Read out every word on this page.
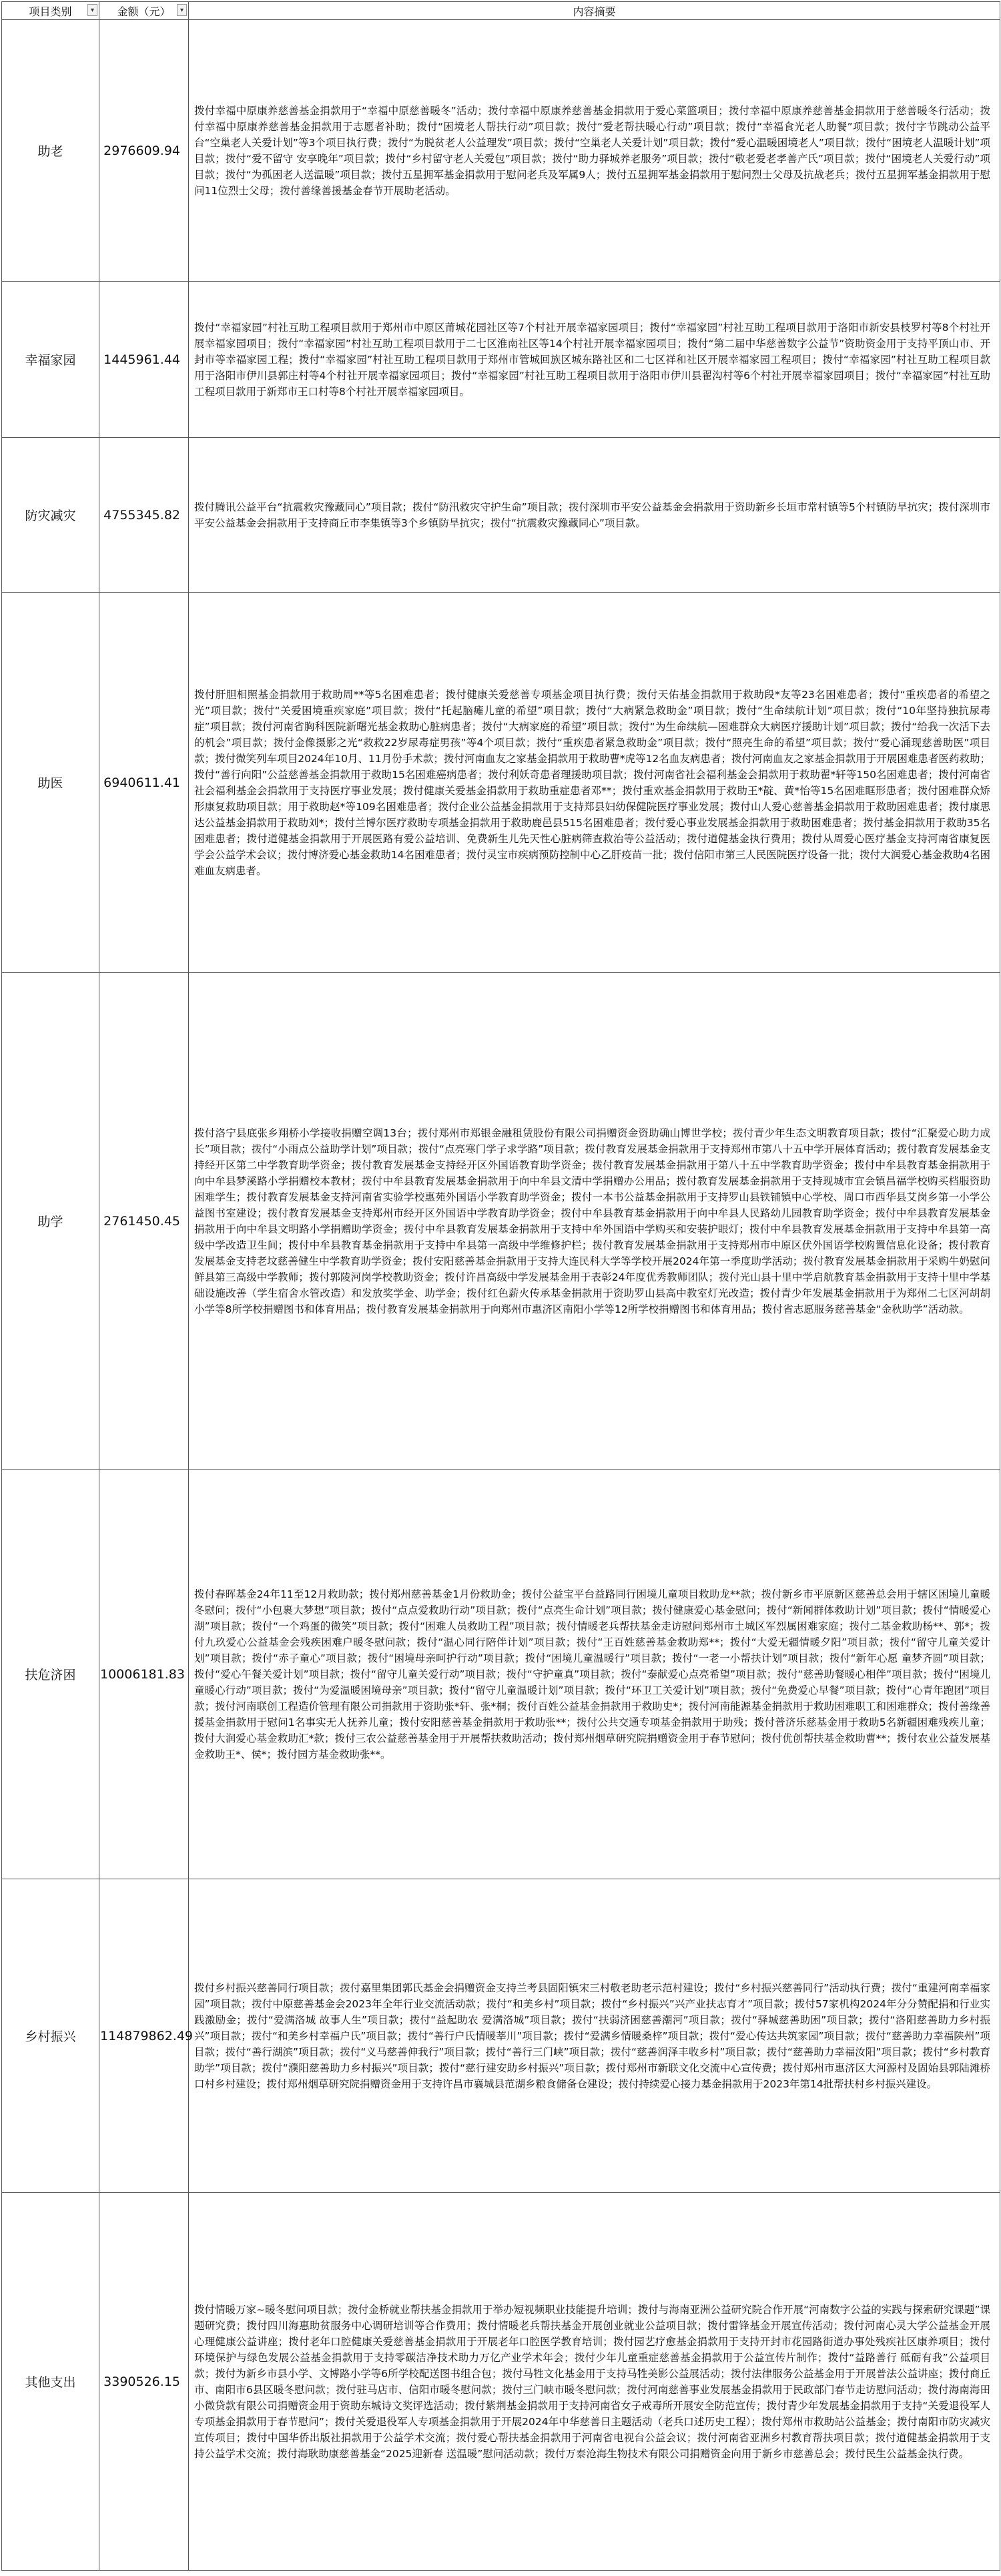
项目类别 ▾	金额（元） ▾	内容摘要
助老	2976609.94	拨付幸福中原康养慈善基金捐款用于“幸福中原慈善暖冬”活动；拨付幸福中原康养慈善基金捐款用于爱心菜篮项目；拨付幸福中原康养慈善基金捐款用于慈善暖冬行活动；拨付幸福中原康养慈善基金捐款用于志愿者补助；拨付“困境老人帮扶行动”项目款；拨付“爱老帮扶暖心行动”项目款；拨付“幸福食光老人助餐”项目款；拨付字节跳动公益平台“空巢老人关爱计划”等3个项目执行费；拨付“为脱贫老人公益理发”项目款；拨付“空巢老人关爱计划”项目款；拨付“爱心温暖困境老人”项目款；拨付“困境老人温暖计划”项目款；拨付“爱不留守 安享晚年”项目款；拨付“乡村留守老人关爱包”项目款；拨付“助力驿城养老服务”项目款；拨付“敬老爱老孝善产氏”项目款；拨付“困境老人关爱行动”项目款；拨付“为孤困老人送温暖”项目款；拨付五星拥军基金捐款用于慰问老兵及军属9人；拨付五星拥军基金捐款用于慰问烈士父母及抗战老兵；拨付五星拥军基金捐款用于慰问11位烈士父母；拨付善缘善援基金春节开展助老活动。
幸福家园	1445961.44	拨付“幸福家园”村社互助工程项目款用于郑州市中原区莆城花园社区等7个村社开展幸福家园项目；拨付“幸福家园”村社互助工程项目款用于洛阳市新安县枝罗村等8个村社开展幸福家园项目；拨付“幸福家园”村社互助工程项目款用于二七区淮南社区等14个村社开展幸福家园项目；拨付“第二届中华慈善数字公益节”资助资金用于支持平顶山市、开封市等幸福家园工程；拨付“幸福家园”村社互助工程项目款用于郑州市管城回族区城东路社区和二七区祥和社区开展幸福家园工程项目；拨付“幸福家园”村社互助工程项目款用于洛阳市伊川县郭庄村等4个村社开展幸福家园项目；拨付“幸福家园”村社互助工程项目款用于洛阳市伊川县翟沟村等6个村社开展幸福家园项目；拨付“幸福家园”村社互助工程项目款用于新郑市王口村等8个村社开展幸福家园项目。
防灾减灾	4755345.82	拨付腾讯公益平台“抗震救灾豫藏同心”项目款；拨付“防汛救灾守护生命”项目款；拨付深圳市平安公益基金会捐款用于资助新乡长垣市常村镇等5个村镇防旱抗灾；拨付深圳市平安公益基金会捐款用于支持商丘市李集镇等3个乡镇防旱抗灾；拨付“抗震救灾豫藏同心”项目款。
助医	6940611.41	拨付肝胆相照基金捐款用于救助周**等5名困难患者；拨付健康关爱慈善专项基金项目执行费；拨付天佑基金捐款用于救助段*友等23名困难患者；拨付“重疾患者的希望之光”项目款；拨付“关爱困境重疾家庭”项目款；拨付“托起脑瘫儿童的希望”项目款；拨付“大病紧急救助金”项目款；拨付“生命续航计划”项目款；拨付“10年坚持独抗尿毒症”项目款；拨付河南省胸科医院新曙光基金救助心脏病患者；拨付“大病家庭的希望”项目款；拨付“为生命续航—困难群众大病医疗援助计划”项目款；拨付“给我一次活下去的机会”项目款；拨付金像摄影之光“救救22岁尿毒症男孩”等4个项目款；拨付“重疾患者紧急救助金”项目款；拨付“照亮生命的希望”项目款；拨付“爱心涌现慈善助医”项目款；拨付微笑列车项目2024年10月、11月份手术款；拨付河南血友之家基金捐款用于救助曹*虎等12名血友病患者；拨付河南血友之家基金捐款用于开展困难患者医药救助；拨付“善行向阳”公益慈善基金捐款用于救助15名困难癌病患者；拨付利妖奇患者理援助项目款；拨付河南省社会福利基金会捐款用于救助翟*轩等150名困难患者；拨付河南省社会福利基金会捐款用于支持医疗事业发展；拨付健康关爱基金捐款用于救助重症患者邓**；拨付重欢基金捐款用于救助王*靛、黄*怡等15名困难眶形患者；拨付困难群众矫形康复救助项目款；用于救助赵*等109名困难患者；拨付企业公益基金捐款用于支持郑县妇幼保健院医疗事业发展；拨付山人爱心慈善基金捐款用于救助困难患者；拨付康思达公益基金捐款用于救助刘*；拨付兰博尔医疗救助专项基金捐款用于救助鹿邑县515名困难患者；拨付爱心事业发展基金捐款用于救助困难患者；拨付基金捐款用于救助35名困难患者；拨付道健基金捐款用于开展医路有爱公益培训、免费新生儿先天性心脏病筛查救治等公益活动；拨付道健基金执行费用；拨付从周爱心医疗基金支持河南省康复医学会公益学术会议；拨付博济爱心基金救助14名困难患者；拨付灵宝市疾病预防控制中心乙肝疫苗一批；拨付信阳市第三人民医院医疗设备一批；拨付大润爱心基金救助4名困难血友病患者。
助学	2761450.45	拨付洛宁县底张乡翔桥小学接收捐赠空调13台；拨付郑州市郑银金融租赁股份有限公司捐赠资金资助确山博世学校；拨付青少年生态文明教育项目款；拨付“汇聚爱心助力成长”项目款；拨付“小雨点公益助学计划”项目款；拨付“点亮寒门学子求学路”项目款；拨付教育发展基金捐款用于支持郑州市第八十五中学开展体育活动；拨付教育发展基金支持经开区第二中学教育助学资金；拨付教育发展基金支持经开区外国语教育助学资金；拨付教育发展基金捐款用于第八十五中学教育助学资金；拨付中牟县教育基金捐款用于向中牟县梦溪路小学捐赠校本教材；拨付中牟县教育发展基金捐款用于向中牟县文清中学捐赠办公用品；拨付教育发展基金捐款用于支持现城市宜会镇昌福学校购买档服资助困难学生；拨付教育发展基金支持河南省实验学校惠苑外国语小学教育助学资金；拨付一本书公益基金捐款用于支持罗山县铁铺镇中心学校、周口市西华县艾岗乡第一小学公益图书室建设；拨付教育发展基金支持郑州市经开区外国语中学教育助学资金；拨付中牟县教育基金捐款用于向中牟县人民路幼儿园教育助学资金；拨付中牟县教育发展基金捐款用于向中牟县文明路小学捐赠助学资金；拨付中牟县教育发展基金捐款用于支持中牟外国语中学购买和安装护眼灯；拨付中牟县教育发展基金捐款用于支持中牟县第一高级中学改造卫生间；拨付中牟县教育基金捐款用于支持中牟县第一高级中学维修护栏；拨付教育发展基金捐款用于支持郑州市中原区伏外国语学校购置信息化设备；拨付教育发展基金支持老坟慈善健生中学教育助学资金；拨付安阳慈善基金捐款用于支持大连民科大学等学校开展2024年第一季度助学活动；拨付教育发展基金捐款用于采购牛奶慰问鲜县第三高级中学教师；拨付郭陵河岗学校教助资金；拨付许昌高级中学发展基金用于表彰24年度优秀教师团队；拨付光山县十里中学启航教育基金捐款用于支持十里中学基础设施改善（学生宿舍水管改造）和发放奖学金、助学金；拨付红色薪火传承基金捐款用于资助罗山县高中教室灯光改造；拨付青少年发展基金捐款用于为郑州二七区河胡胡小学等8所学校捐赠图书和体育用品；拨付教育发展基金捐款用于向郑州市惠济区南阳小学等12所学校捐赠图书和体育用品；拨付省志愿服务慈善基金“金秋助学”活动款。
扶危济困	10006181.83	拨付春晖基金24年11至12月救助款；拨付郑州慈善基金1月份救助金；拨付公益宝平台益路同行困境儿童项目救助龙**款；拨付新乡市平原新区慈善总会用于辖区困境儿童暖冬慰问；拨付“小包裹大梦想”项目款；拨付“点点爱救助行动”项目款；拨付“点亮生命计划”项目款；拨付健康爱心基金慰问；拨付“新闻群体救助计划”项目款；拨付“情暖爱心湖”项目款；拨付“一个鸡蛋的微笑”项目款；拨付“困难人员救助工程”项目款；拨付情暖老兵帮扶基金走访慰问郑州市土城区军烈属困难家庭；拨付二基金救助杨**、郭*；拨付九玖爱心公益基金会残疾困难户暖冬慰问款；拨付“温心同行陪伴计划”项目款；拨付“王百姓慈善基金救助郑**；拨付“大爱无疆情暖夕阳”项目款；拨付“留守儿童关爱计划”项目款；拨付“赤子童心”项目款；拨付“困境母亲呵护行动”项目款；拨付“困境儿童温暖行”项目款；拨付“一老一小帮扶计划”项目款；拨付“新年心愿 童梦齐圆”项目款；拨付“爱心午餐关爱计划”项目款；拨付“留守儿童关爱行动”项目款；拨付“守护童真”项目款；拨付“泰献爱心点亮希望”项目款；拨付“慈善助餐暖心相伴”项目款；拨付“困境儿童暖心行动”项目款；拨付“为爱温暖困境母亲”项目款；拨付“留守儿童温暖计划”项目款；拨付“环卫工关爱计划”项目款；拨付“免费爱心早餐”项目款；拨付“心青年跑团”项目款；拨付河南联创工程造价管理有限公司捐款用于资助张*轩、张*桐；拨付百姓公益基金捐款用于救助史*；拨付河南能源基金捐款用于救助困难职工和困难群众；拨付善缘善援基金捐款用于慰问1名事实无人抚养儿童；拨付安阳慈善基金捐款用于救助张**；拨付公共交通专项基金捐款用于助残；拨付普济乐慈基金用于救助5名新疆困难残疾儿童；拨付大润爱心基金救助汇*款；拨付三农公益慈善基金用于开展帮扶救助活动；拨付郑州烟草研究院捐赠资金用于春节慰问；拨付优创帮扶基金救助曹**；拨付农业公益发展基金救助王*、侯*；拨付园方基金救助张**。
乡村振兴	114879862.49	拨付乡村振兴慈善同行项目款；拨付嘉里集团郭氏基金会捐赠资金支持兰考县固阳镇宋三村敬老助老示范村建设；拨付“乡村振兴慈善同行”活动执行费；拨付“重建河南幸福家园”项目款；拨付中原慈善基金会2023年全年行业交流活动款；拨付“和美乡村”项目款；拨付“乡村振兴”兴产业扶志育才”项目款；拨付57家机构2024年分分赞配捐和行业实践激励金；拨付“爱满洛城 故事人生”项目款；拨付“益起助农 爱满洛城”项目款；拨付“扶弱济困慈善潮河”项目款；拨付“驿城慈善助困”项目款；拨付“洛阳慈善助力乡村振兴”项目款；拨付“和美乡村幸福户氏”项目款；拨付“善行户氏情暖莘川”项目款；拨付“爱满乡情暖桑梓”项目款；拨付“爱心传达共筑家园”项目款；拨付“慈善助力幸福陕州”项目款；拨付“善行湖滨”项目款；拨付“义马慈善伸我行”项目款；拨付“善行三门峡”项目款；拨付“慈善润泽丰收乡村”项目款；拨付“慈善助力幸福汝阳”项目款；拨付“乡村教育助学”项目款；拨付“濮阳慈善助力乡村振兴”项目款；拨付“慈行建安助乡村振兴”项目款；拨付郑州市新联文化交流中心宣传费；拨付郑州市惠济区大河源村及固始县郭陆滩桥口村乡村建设；拨付郑州烟草研究院捐赠资金用于支持许昌市襄城县范湖乡粮食储备仓建设；拨付持续爱心接力基金捐款用于2023年第14批帮扶村乡村振兴建设。
其他支出	3390526.15	拨付情暖万家~暖冬慰问项目款；拨付金桥就业帮扶基金捐款用于举办短视频职业技能提升培训；拨付与海南亚洲公益研究院合作开展“河南数字公益的实践与探索研究课题”课题研究费；拨付四川海惠助贫服务中心调研培训等合作费用；拨付情暖老兵帮扶基金开展创业就业公益项目款；拨付雷锋基金开展宣传活动；拨付河南心灵大学公益基金开展心理健康公益讲座；拨付老年口腔健康关爱慈善基金捐款用于开展老年口腔医学教育培训；拨付园艺疗愈基金捐款用于支持开封市花园路街道办事处残疾社区康养项目；拨付环境保护与绿色发展公益基金捐款用于支持零碳洁净技术助力万亿产业学术年会；拨付少年儿童重症慈善基金捐款用于公益宣传片制作；拨付“益路善行 砥砺有我”公益项目款；拨付为新乡市县小学、文博路小学等6所学校配送图书组合包；拨付马牲文化基金用于支持马牲美影公益展活动；拨付法律服务公益基金用于开展普法公益讲座；拨付商丘市、南阳市6县区暖冬慰问款；拨付驻马店市、信阳市暖冬慰问款；拨付三门峡市暖冬慰问款；拨付河南慈善事业发展基金捐款用于民政部门春节走访慰问活动；拨付海南海田小微贷款有限公司捐赠资金用于资助东城诗文奖评选活动；拨付紫荆基金捐款用于支持河南省女子戒毒所开展安全防范宣传；拨付青少年发展基金捐款用于支持“关爱退役军人专项基金捐款用于春节慰问”；拨付关爱退役军人专项基金捐款用于开展2024年中华慈善日主题活动（老兵口述历史工程）；拨付郑州市救助站公益基金；拨付南阳市防灾减灾宣传项目；拨付中国华侨出版社捐款用于公益学术交流；拨付爱心帮扶基金捐款用于河南省电视台公益会议；拨付河南省亚洲乡村教育帮扶项目款；拨付道健基金捐款用于支持公益学术交流；拨付海耿助康慈善基金“2025迎新春 送温暖”慰问活动款；拨付万泰沧海生物技术有限公司捐赠资金向用于新乡市慈善总会；拨付民生公益基金执行费。
